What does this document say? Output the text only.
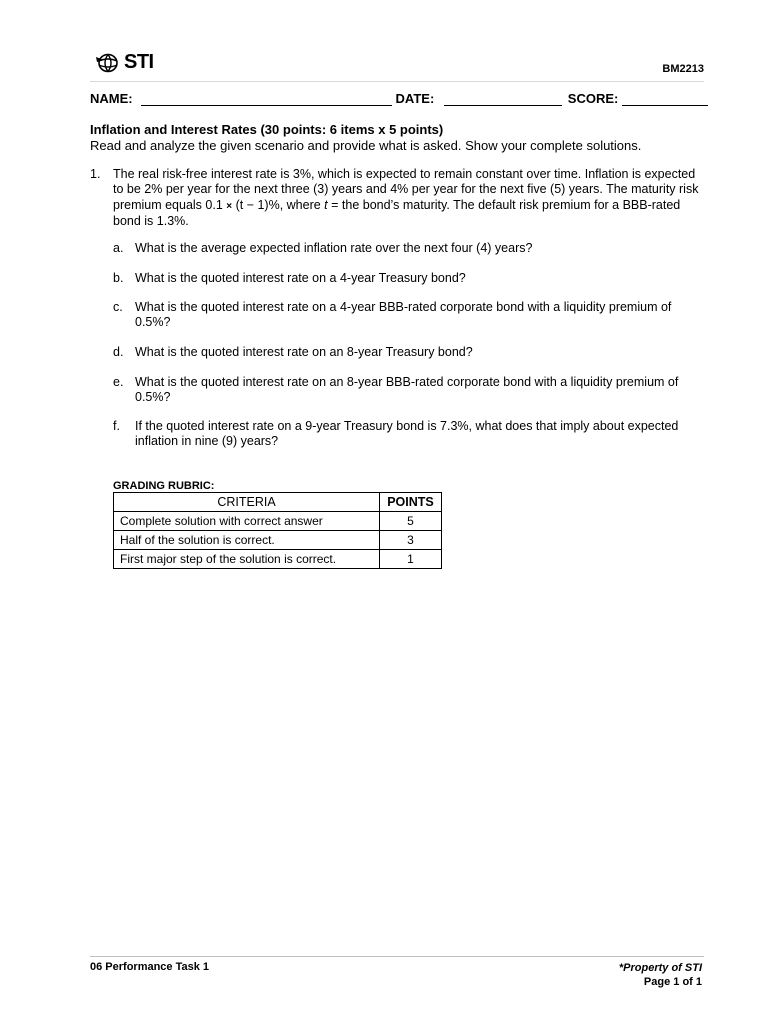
STI	BM2213
NAME:	DATE:	SCORE:
Inflation and Interest Rates (30 points: 6 items x 5 points)
Read and analyze the given scenario and provide what is asked. Show your complete solutions.
1. The real risk-free interest rate is 3%, which is expected to remain constant over time. Inflation is expected to be 2% per year for the next three (3) years and 4% per year for the next five (5) years. The maturity risk premium equals 0.1 × (t − 1)%, where t = the bond’s maturity. The default risk premium for a BBB-rated bond is 1.3%.
a. What is the average expected inflation rate over the next four (4) years?
b. What is the quoted interest rate on a 4-year Treasury bond?
c. What is the quoted interest rate on a 4-year BBB-rated corporate bond with a liquidity premium of 0.5%?
d. What is the quoted interest rate on an 8-year Treasury bond?
e. What is the quoted interest rate on an 8-year BBB-rated corporate bond with a liquidity premium of 0.5%?
f.	If the quoted interest rate on a 9-year Treasury bond is 7.3%, what does that imply about expected inflation in nine (9) years?
GRADING RUBRIC:
CRITERIA	POINTS
Complete solution with correct answer	5
Half of the solution is correct.	3
First major step of the solution is correct.	1
06 Performance Task 1	*Property of STI
Page 1 of 1
